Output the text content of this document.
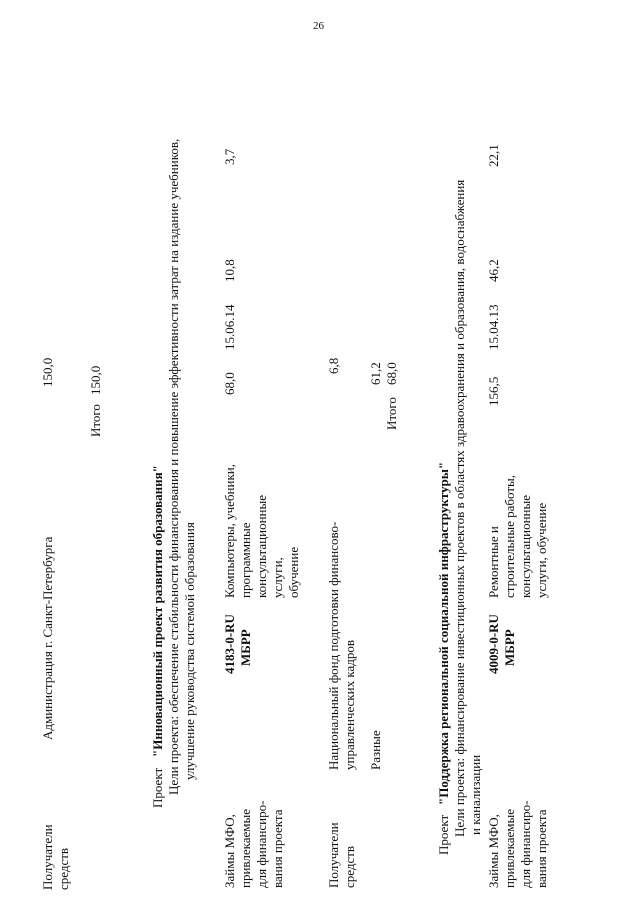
26
Получатели средств
Администрация г. Санкт-Петербурга
150,0
Итого
150,0
Проект
"Инновационный проект развития образования" Цели проекта: обеспечение стабильности финансирования и повышение эффективности затрат на издание учебников, улучшение руководства системой образования
Займы МФО, привлекаемые для финансиро- вания проекта
4183-0-RU МБРР
Компьютеры, учебники, программные консультационные услуги, обучение
68,0
15.06.14
10,8
3,7
Получатели средств
Национальный фонд подготовки финансово- управленческих кадров
6,8
Разные
61,2
Итого
68,0
Проект
"Поддержка региональной социальной инфраструктуры" Цели проекта: финансирование инвестиционных проектов в областях здравоохранения и образования, водоснабжения и канализации
Займы МФО, привлекаемые для финансиро- вания проекта
4009-0-RU МБРР
Ремонтные и строительные работы, консультационные услуги, обучение
156,5
15.04.13
46,2
22,1
